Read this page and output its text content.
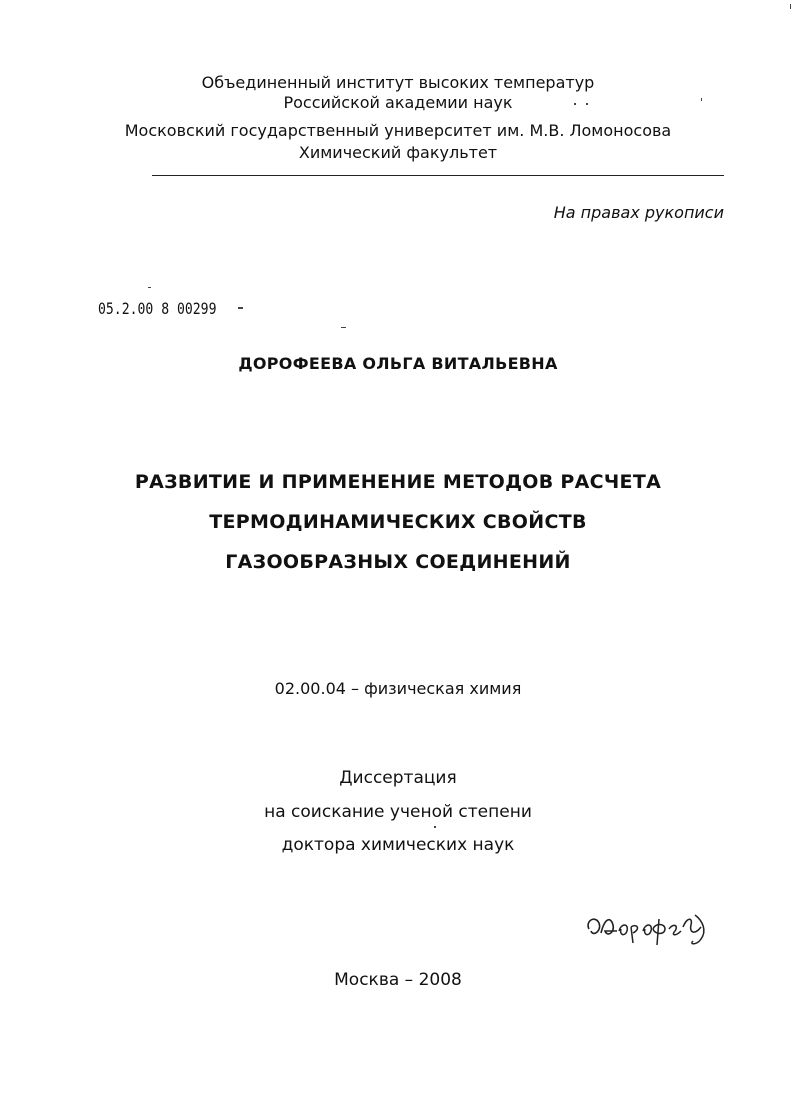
Объединенный институт высоких температур
Российской академии наук
Московский государственный университет им. М.В. Ломоносова
Химический факультет
На правах рукописи
05.2.00 8 00299
ДОРОФЕЕВА ОЛЬГА ВИТАЛЬЕВНА
РАЗВИТИЕ И ПРИМЕНЕНИЕ МЕТОДОВ РАСЧЕТА
ТЕРМОДИНАМИЧЕСКИХ СВОЙСТВ
ГАЗООБРАЗНЫХ СОЕДИНЕНИЙ
02.00.04 – физическая химия
Диссертация
на соискание ученой степени
доктора химических наук
Москва – 2008
